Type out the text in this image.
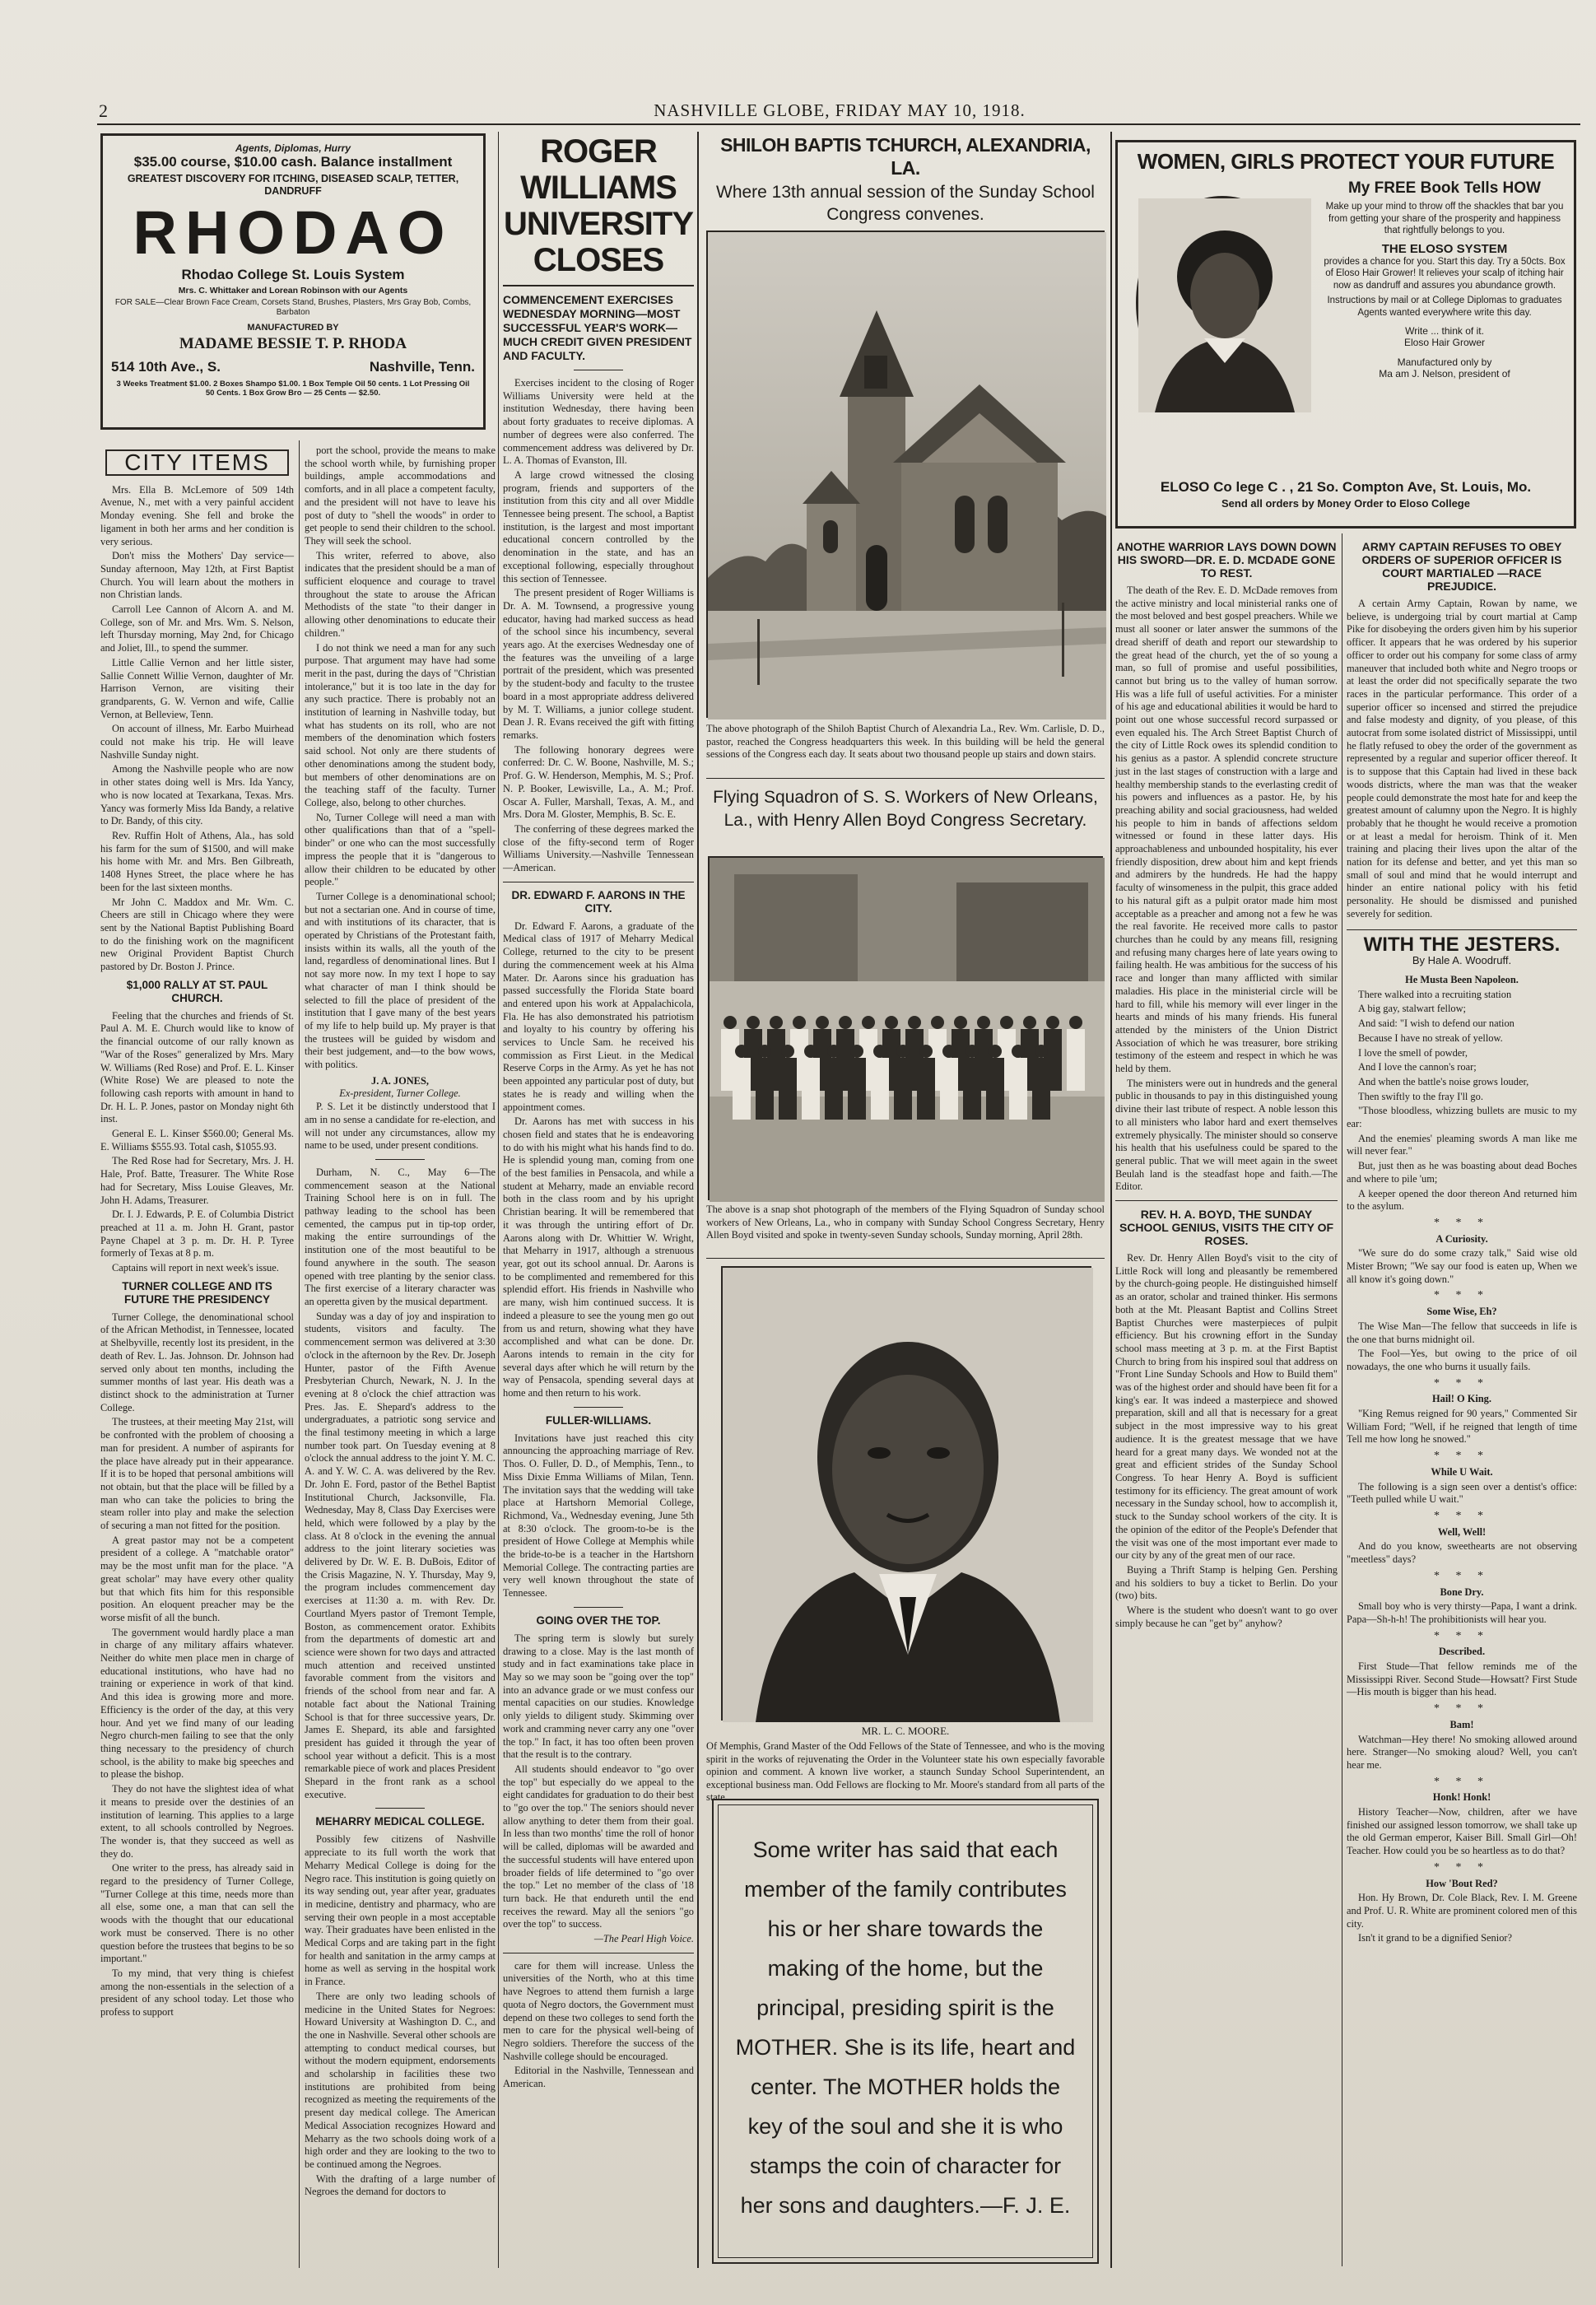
2	NASHVILLE GLOBE, FRIDAY MAY 10, 1918.
Agents, Diplomas, Hurry
$35.00 course, $10.00 cash. Balance installment
GREATEST DISCOVERY FOR ITCHING, DISEASED SCALP, TETTER, DANDRUFF
RHODAO
Rhodao College St. Louis System
Mrs. C. Whittaker and Lorean Robinson with our Agents
FOR SALE—Clear Brown Face Cream, Corsets Stand, Brushes, Plasters, Mrs Gray Bob, Combs, Barbaton
MANUFACTURED BY
MADAME BESSIE T. P. RHODA
514 10th Ave., S.	Nashville, Tenn.
3 Weeks Treatment $1.00. 2 Boxes Shampo $1.00. 1 Box Temple Oil 50 cents. 1 Lot Pressing Oil 50 Cents. 1 Box Grow Bro — 25 Cents — $2.50.
CITY ITEMS

Mrs. Ella B. McLemore of 509 14th Avenue, N., met with a very painful accident Monday evening. She fell and broke the ligament in both her arms and her condition is very serious.

Don't miss the Mothers' Day service—Sunday afternoon, May 12th, at First Baptist Church. You will learn about the mothers in non Christian lands.

Carroll Lee Cannon of Alcorn A. and M. College, son of Mr. and Mrs. Wm. S. Nelson, left Thursday morning, May 2nd, for Chicago and Joliet, Ill., to spend the summer.

Little Callie Vernon and her little sister, Sallie Connett Willie Vernon, daughter of Mr. Harrison Vernon, are visiting their grandparents, G. W. Vernon and wife, Callie Vernon, at Belleview, Tenn.

On account of illness, Mr. Earbo Muirhead could not make his trip. He will leave Nashville Sunday night.

Among the Nashville people who are now in other states doing well is Mrs. Ida Yancy, who is now located at Texarkana, Texas. Mrs. Yancy was formerly Miss Ida Bandy, a relative to Dr. Bandy, of this city.

Rev. Ruffin Holt of Athens, Ala., has sold his farm for the sum of $1500, and will make his home with Mr. and Mrs. Ben Gilbreath, 1408 Hynes Street, the place where he has been for the last sixteen months.

Mr John C. Maddox and Mr. Wm. C. Cheers are still in Chicago where they were sent by the National Baptist Publishing Board to do the finishing work on the magnificent new Original Provident Baptist Church pastored by Dr. Boston J. Prince.

$1,000 RALLY AT ST. PAUL CHURCH.

Feeling that the churches and friends of St. Paul A. M. E. Church would like to know of the financial outcome of our rally known as "War of the Roses" generalized by Mrs. Mary W. Williams (Red Rose) and Prof. E. L. Kinser (White Rose) We are pleased to note the following cash reports with amount in hand to Dr. H. L. P. Jones, pastor on Monday night 6th inst.

General E. L. Kinser $560.00; General Ms. E. Williams $555.93. Total cash, $1055.93.

The Red Rose had for Secretary, Mrs. J. H. Hale, Prof. Batte, Treasurer. The White Rose had for Secretary, Miss Louise Gleaves, Mr. John H. Adams, Treasurer.

Dr. I. J. Edwards, P. E. of Columbia District preached at 11 a. m. John H. Grant, pastor Payne Chapel at 3 p. m. Dr. H. P. Tyree formerly of Texas at 8 p. m.

Captains will report in next week's issue.

TURNER COLLEGE AND ITS FUTURE THE PRESIDENCY

Turner College, the denominational school of the African Methodist, in Tennessee, located at Shelbyville, recently lost its president, in the death of Rev. L. Jas. Johnson. Dr. Johnson had served only about ten months, including the summer months of last year. His death was a distinct shock to the administration at Turner College.

The trustees, at their meeting May 21st, will be confronted with the problem of choosing a man for president. A number of aspirants for the place have already put in their appearance. If it is to be hoped that personal ambitions will not obtain, but that the place will be filled by a man who can take the policies to bring the steam roller into play and make the selection of securing a man not fitted for the position.

A great pastor may not be a competent president of a college. A "matchable orator" may be the most unfit man for the place. "A great scholar" may have every other quality but that which fits him for this responsible position. An eloquent preacher may be the worse misfit of all the bunch.

The government would hardly place a man in charge of any military affairs whatever. Neither do white men place men in charge of educational institutions, who have had no training or experience in work of that kind. And this idea is growing more and more. Efficiency is the order of the day, at this very hour. And yet we find many of our leading Negro church-men failing to see that the only thing necessary to the presidency of church school, is the ability to make big speeches and to please the bishop.

They do not have the slightest idea of what it means to preside over the destinies of an institution of learning. This applies to a large extent, to all schools controlled by Negroes. The wonder is, that they succeed as well as they do.

One writer to the press, has already said in regard to the presidency of Turner College, "Turner College at this time, needs more than all else, some one, a man that can sell the woods with the thought that our educational work must be conserved. There is no other question before the trustees that begins to be so important."

To my mind, that very thing is chiefest among the non-essentials in the selection of a president of any school today. Let those who profess to support

port the school, provide the means to make the school worth while, by furnishing proper buildings, ample accommodations and comforts, and in all place a competent faculty, and the president will not have to leave his post of duty to "shell the woods" in order to get people to send their children to the school. They will seek the school.

This writer, referred to above, also indicates that the president should be a man of sufficient eloquence and courage to travel throughout the state to arouse the African Methodists of the state "to their danger in allowing other denominations to educate their children."

I do not think we need a man for any such purpose. That argument may have had some merit in the past, during the days of "Christian intolerance," but it is too late in the day for any such practice. There is probably not an institution of learning in Nashville today, but what has students on its roll, who are not members of the denomination which fosters said school. Not only are there students of other denominations among the student body, but members of other denominations are on the teaching staff of the faculty. Turner College, also, belong to other churches.

No, Turner College will need a man with other qualifications than that of a "spell-binder" or one who can the most successfully impress the people that it is "dangerous to allow their children to be educated by other people."

Turner College is a denominational school; but not a sectarian one. And in course of time, and with institutions of its character, that is operated by Christians of the Protestant faith, insists within its walls, all the youth of the land, regardless of denominational lines. But I not say more now. In my text I hope to say what character of man I think should be selected to fill the place of president of the institution that I gave many of the best years of my life to help build up. My prayer is that the trustees will be guided by wisdom and their best judgement, and—to the bow wows, with politics.

J. A. JONES,
Ex-president, Turner College.

P. S. Let it be distinctly understood that I am in no sense a candidate for re-election, and will not under any circumstances, allow my name to be used, under present conditions.

Durham, N. C., May 6—The commencement season at the National Training School here is on in full. The pathway leading to the school has been cemented, the campus put in tip-top order, making the entire surroundings of the institution one of the most beautiful to be found anywhere in the south. The season opened with tree planting by the senior class. The first exercise of a literary character was an operetta given by the musical department.

Sunday was a day of joy and inspiration to students, visitors and faculty. The commencement sermon was delivered at 3:30 o'clock in the afternoon by the Rev. Dr. Joseph Hunter, pastor of the Fifth Avenue Presbyterian Church, Newark, N. J. In the evening at 8 o'clock the chief attraction was Pres. Jas. E. Shepard's address to the undergraduates, a patriotic song service and the final testimony meeting in which a large number took part. On Tuesday evening at 8 o'clock the annual address to the joint Y. M. C. A. and Y. W. C. A. was delivered by the Rev. Dr. John E. Ford, pastor of the Bethel Baptist Institutional Church, Jacksonville, Fla. Wednesday, May 8, Class Day Exercises were held, which were followed by a play by the class. At 8 o'clock in the evening the annual address to the joint literary societies was delivered by Dr. W. E. B. DuBois, Editor of the Crisis Magazine, N. Y. Thursday, May 9, the program includes commencement day exercises at 11:30 a. m. with Rev. Dr. Courtland Myers pastor of Tremont Temple, Boston, as commencement orator. Exhibits from the departments of domestic art and science were shown for two days and attracted much attention and received unstinted favorable comment from the visitors and friends of the school from near and far. A notable fact about the National Training School is that for three successive years, Dr. James E. Shepard, its able and farsighted president has guided it through the year of school year without a deficit. This is a most remarkable piece of work and places President Shepard in the front rank as a school executive.

MEHARRY MEDICAL COLLEGE.

Possibly few citizens of Nashville appreciate to its full worth the work that Meharry Medical College is doing for the Negro race. This institution is going quietly on its way sending out, year after year, graduates in medicine, dentistry and pharmacy, who are serving their own people in a most acceptable way. Their graduates have been enlisted in the Medical Corps and are taking part in the fight for health and sanitation in the army camps at home as well as serving in the hospital work in France.

There are only two leading schools of medicine in the United States for Negroes: Howard University at Washington D. C., and the one in Nashville. Several other schools are attempting to conduct medical courses, but without the modern equipment, endorsements and scholarship in facilities these two institutions are prohibited from being recognized as meeting the requirements of the present day medical college. The American Medical Association recognizes Howard and Meharry as the two schools doing work of a high order and they are looking to the two to be continued among the Negroes.

With the drafting of a large number of Negroes the demand for doctors to

ROGER WILLIAMS UNIVERSITY CLOSES
COMMENCEMENT EXERCISES WEDNESDAY MORNING—MOST SUCCESSFUL YEAR'S WORK—MUCH CREDIT GIVEN PRESIDENT AND FACULTY.

Exercises incident to the closing of Roger Williams University were held at the institution Wednesday, there having been about forty graduates to receive diplomas. A number of degrees were also conferred. The commencement address was delivered by Dr. L. A. Thomas of Evanston, Ill.

A large crowd witnessed the closing program, friends and supporters of the institution from this city and all over Middle Tennessee being present. The school, a Baptist institution, is the largest and most important educational concern controlled by the denomination in the state, and has an exceptional following, especially throughout this section of Tennessee.

The present president of Roger Williams is Dr. A. M. Townsend, a progressive young educator, having had marked success as head of the school since his incumbency, several years ago. At the exercises Wednesday one of the features was the unveiling of a large portrait of the president, which was presented by the student-body and faculty to the trustee board in a most appropriate address delivered by M. T. Williams, a junior college student. Dean J. R. Evans received the gift with fitting remarks.

The following honorary degrees were conferred: Dr. C. W. Boone, Nashville, M. S.; Prof. G. W. Henderson, Memphis, M. S.; Prof. N. P. Booker, Lewisville, La., A. M.; Prof. Oscar A. Fuller, Marshall, Texas, A. M., and Mrs. Dora M. Gloster, Memphis, B. Sc. E.

The conferring of these degrees marked the close of the fifty-second term of Roger Williams University.—Nashville Tennessean—American.

DR. EDWARD F. AARONS IN THE CITY.

Dr. Edward F. Aarons, a graduate of the Medical class of 1917 of Meharry Medical College, returned to the city to be present during the commencement week at his Alma Mater. Dr. Aarons since his graduation has passed successfully the Florida State board and entered upon his work at Appalachicola, Fla. He has also demonstrated his patriotism and loyalty to his country by offering his services to Uncle Sam. he received his commission as First Lieut. in the Medical Reserve Corps in the Army. As yet he has not been appointed any particular post of duty, but states he is ready and willing when the appointment comes.

Dr. Aarons has met with success in his chosen field and states that he is endeavoring to do with his might what his hands find to do. He is splendid young man, coming from one of the best families in Pensacola, and while a student at Meharry, made an enviable record both in the class room and by his upright Christian bearing. It will be remembered that it was through the untiring effort of Dr. Aarons along with Dr. Whittier W. Wright, that Meharry in 1917, although a strenuous year, got out its school annual. Dr. Aarons is to be complimented and remembered for this splendid effort. His friends in Nashville who are many, wish him continued success. It is indeed a pleasure to see the young men go out from us and return, showing what they have accomplished and what can be done. Dr. Aarons intends to remain in the city for several days after which he will return by the way of Pensacola, spending several days at home and then return to his work.

FULLER-WILLIAMS.

Invitations have just reached this city announcing the approaching marriage of Rev. Thos. O. Fuller, D. D., of Memphis, Tenn., to Miss Dixie Emma Williams of Milan, Tenn. The invitation says that the wedding will take place at Hartshorn Memorial College, Richmond, Va., Wednesday evening, June 5th at 8:30 o'clock. The groom-to-be is the president of Howe College at Memphis while the bride-to-be is a teacher in the Hartshorn Memorial College. The contracting parties are very well known throughout the state of Tennessee.

GOING OVER THE TOP.

The spring term is slowly but surely drawing to a close. May is the last month of study and in fact examinations take place in May so we may soon be "going over the top" into an advance grade or we must confess our mental capacities on our studies. Knowledge only yields to diligent study. Skimming over work and cramming never carry any one "over the top." In fact, it has too often been proven that the result is to the contrary.

All students should endeavor to "go over the top" but especially do we appeal to the eight candidates for graduation to do their best to "go over the top." The seniors should never allow anything to deter them from their goal. In less than two months' time the roll of honor will be called, diplomas will be awarded and the successful students will have entered upon broader fields of life determined to "go over the top." Let no member of the class of '18 turn back. He that endureth until the end receives the reward. May all the seniors "go over the top" to success.

—The Pearl High Voice.

care for them will increase. Unless the universities of the North, who at this time have Negroes to attend them furnish a large quota of Negro doctors, the Government must depend on these two colleges to send forth the men to care for the physical well-being of Negro soldiers. Therefore the success of the Nashville college should be encouraged.

Editorial in the Nashville, Tennessean and American.

SHILOH BAPTIS TCHURCH, ALEXANDRIA, LA.
Where 13th annual session of the Sunday School Congress convenes.
The above photograph of the Shiloh Baptist Church of Alexandria La., Rev. Wm. Carlisle, D. D., pastor, reached the Congress headquarters this week. In this building will be held the general sessions of the Congress each day. It seats about two thousand people up stairs and down stairs.
Flying Squadron of S. S. Workers of New Orleans, La., with Henry Allen Boyd Congress Secretary.
The above is a snap shot photograph of the members of the Flying Squadron of Sunday school workers of New Orleans, La., who in company with Sunday School Congress Secretary, Henry Allen Boyd visited and spoke in twenty-seven Sunday schools, Sunday morning, April 28th.
MR. L. C. MOORE.
Of Memphis, Grand Master of the Odd Fellows of the State of Tennessee, and who is the moving spirit in the works of rejuvenating the Order in the Volunteer state his own especially favorable opinion and comment. A known live worker, a staunch Sunday School Superintendent, an exceptional business man. Odd Fellows are flocking to Mr. Moore's standard from all parts of the state.
Some writer has said that each member of the family contributes his or her share towards the making of the home, but the principal, presiding spirit is the MOTHER. She is its life, heart and center. The MOTHER holds the key of the soul and she it is who stamps the coin of character for her sons and daughters.—F. J. E.
WOMEN, GIRLS PROTECT YOUR FUTURE
My FREE Book Tells HOW
Make up your mind to throw off the shackles that bar you from getting your share of the prosperity and happiness that rightfully belongs to you.
THE ELOSO SYSTEM
provides a chance for you. Start this day. Try a 50cts. Box of Eloso Hair Grower! It relieves your scalp of itching hair now as dandruff and assures you abundance growth.
Instructions by mail or at College Diplomas to graduates Agents wanted everywhere write this day.
Write ... think of it.
Eloso Hair Grower
Manufactured only by
Ma am J. Nelson, president of
ELOSO Co lege C . , 21 So. Compton Ave, St. Louis, Mo.
Send all orders by Money Order to Eloso College
ANOTHE WARRIOR LAYS DOWN DOWN HIS SWORD—DR. E. D. MCDADE GONE TO REST.

The death of the Rev. E. D. McDade removes from the active ministry and local ministerial ranks one of the most beloved and best gospel preachers. While we must all sooner or later answer the summons of the dread sheriff of death and report our stewardship to the great head of the church, yet the of so young a man, so full of promise and useful possibilities, cannot but bring us to the valley of human sorrow. His was a life full of useful activities. For a minister of his age and educational abilities it would be hard to point out one whose successful record surpassed or even equaled his. The Arch Street Baptist Church of the city of Little Rock owes its splendid condition to his genius as a pastor. A splendid concrete structure just in the last stages of construction with a large and healthy membership stands to the everlasting credit of his powers and influences as a pastor. He, by his preaching ability and social graciousness, had welded his people to him in bands of affections seldom witnessed or found in these latter days. His approachableness and unbounded hospitality, his ever friendly disposition, drew about him and kept friends and admirers by the hundreds. He had the happy faculty of winsomeness in the pulpit, this grace added to his natural gift as a pulpit orator made him most acceptable as a preacher and among not a few he was the real favorite. He received more calls to pastor churches than he could by any means fill, resigning and refusing many charges here of late years owing to failing health. He was ambitious for the success of his race and longer than many afflicted with similar maladies. His place in the ministerial circle will be hard to fill, while his memory will ever linger in the hearts and minds of his many friends. His funeral attended by the ministers of the Union District Association of which he was treasurer, bore striking testimony of the esteem and respect in which he was held by them.

The ministers were out in hundreds and the general public in thousands to pay in this distinguished young divine their last tribute of respect. A noble lesson this to all ministers who labor hard and exert themselves extremely physically. The minister should so conserve his health that his usefulness could be spared to the general public. That we will meet again in the sweet Beulah land is the steadfast hope and faith.—The Editor.

REV. H. A. BOYD, THE SUNDAY SCHOOL GENIUS, VISITS THE CITY OF ROSES.

Rev. Dr. Henry Allen Boyd's visit to the city of Little Rock will long and pleasantly be remembered by the church-going people. He distinguished himself as an orator, scholar and trained thinker. His sermons both at the Mt. Pleasant Baptist and Collins Street Baptist Churches were masterpieces of pulpit efficiency. But his crowning effort in the Sunday school mass meeting at 3 p. m. at the First Baptist Church to bring from his inspired soul that address on "Front Line Sunday Schools and How to Build them" was of the highest order and should have been fit for a king's ear. It was indeed a masterpiece and showed preparation, skill and all that is necessary for a great subject in the most impressive way to his great audience. It is the greatest message that we have heard for a great many days. We wonded not at the great and efficient strides of the Sunday School Congress. To hear Henry A. Boyd is sufficient testimony for its efficiency. The great amount of work necessary in the Sunday school, how to accomplish it, stuck to the Sunday school workers of the city. It is the opinion of the editor of the People's Defender that the visit was one of the most important ever made to our city by any of the great men of our race.

Buying a Thrift Stamp is helping Gen. Pershing and his soldiers to buy a ticket to Berlin. Do your (two) bits.

Where is the student who doesn't want to go over simply because he can "get by" anyhow?

ARMY CAPTAIN REFUSES TO OBEY ORDERS OF SUPERIOR OFFICER IS COURT MARTIALED —RACE PREJUDICE.

A certain Army Captain, Rowan by name, we believe, is undergoing trial by court martial at Camp Pike for disobeying the orders given him by his superior officer. It appears that he was ordered by his superior officer to order out his company for some class of army maneuver that included both white and Negro troops or at least the order did not specifically separate the two races in the particular performance. This order of a superior officer so incensed and stirred the prejudice and false modesty and dignity, of you please, of this autocrat from some isolated district of Mississippi, until he flatly refused to obey the order of the government as represented by a regular and superior officer thereof. It is to suppose that this Captain had lived in these back woods districts, where the man was that the weaker people could demonstrate the most hate for and keep the greatest amount of calumny upon the Negro. It is highly probably that he thought he would receive a promotion or at least a medal for heroism. Think of it. Men training and placing their lives upon the altar of the nation for its defense and better, and yet this man so small of soul and mind that he would interrupt and hinder an entire national policy with his fetid personality. He should be dismissed and punished severely for sedition.

WITH THE JESTERS.
By Hale A. Woodruff.

He Musta Been Napoleon.

There walked into a recruiting station

A big gay, stalwart fellow;

And said: "I wish to defend our nation

Because I have no streak of yellow.

I love the smell of powder,

And I love the cannon's roar;

And when the battle's noise grows louder,

Then swiftly to the fray I'll go.

"Those bloodless, whizzing bullets are music to my ear:

And the enemies' pleaming swords A man like me will never fear."

But, just then as he was boasting about dead Boches and where to pile 'um;

A keeper opened the door thereon And returned him to the asylum.

* * *

A Curiosity.

"We sure do do some crazy talk," Said wise old Mister Brown; "We say our food is eaten up, When we all know it's going down."

* * *

Some Wise, Eh?

The Wise Man—The fellow that succeeds in life is the one that burns midnight oil.

The Fool—Yes, but owing to the price of oil nowadays, the one who burns it usually fails.

* * *

Hail! O King.

"King Remus reigned for 90 years," Commented Sir William Ford; "Well, if he reigned that length of time Tell me how long he snowed."

* * *

While U Wait.

The following is a sign seen over a dentist's office: "Teeth pulled while U wait."

* * *

Well, Well!

And do you know, sweethearts are not observing "meetless" days?

* * *

Bone Dry.

Small boy who is very thirsty—Papa, I want a drink. Papa—Sh-h-h! The prohibitionists will hear you.

* * *

Described.

First Stude—That fellow reminds me of the Mississippi River. Second Stude—Howsatt? First Stude—His mouth is bigger than his head.

* * *

Bam!

Watchman—Hey there! No smoking allowed around here. Stranger—No smoking aloud? Well, you can't hear me.

* * *

Honk! Honk!

History Teacher—Now, children, after we have finished our assigned lesson tomorrow, we shall take up the old German emperor, Kaiser Bill. Small Girl—Oh! Teacher. How could you be so heartless as to do that?

* * *

How 'Bout Red?

Hon. Hy Brown, Dr. Cole Black, Rev. I. M. Greene and Prof. U. R. White are prominent colored men of this city.

Isn't it grand to be a dignified Senior?
